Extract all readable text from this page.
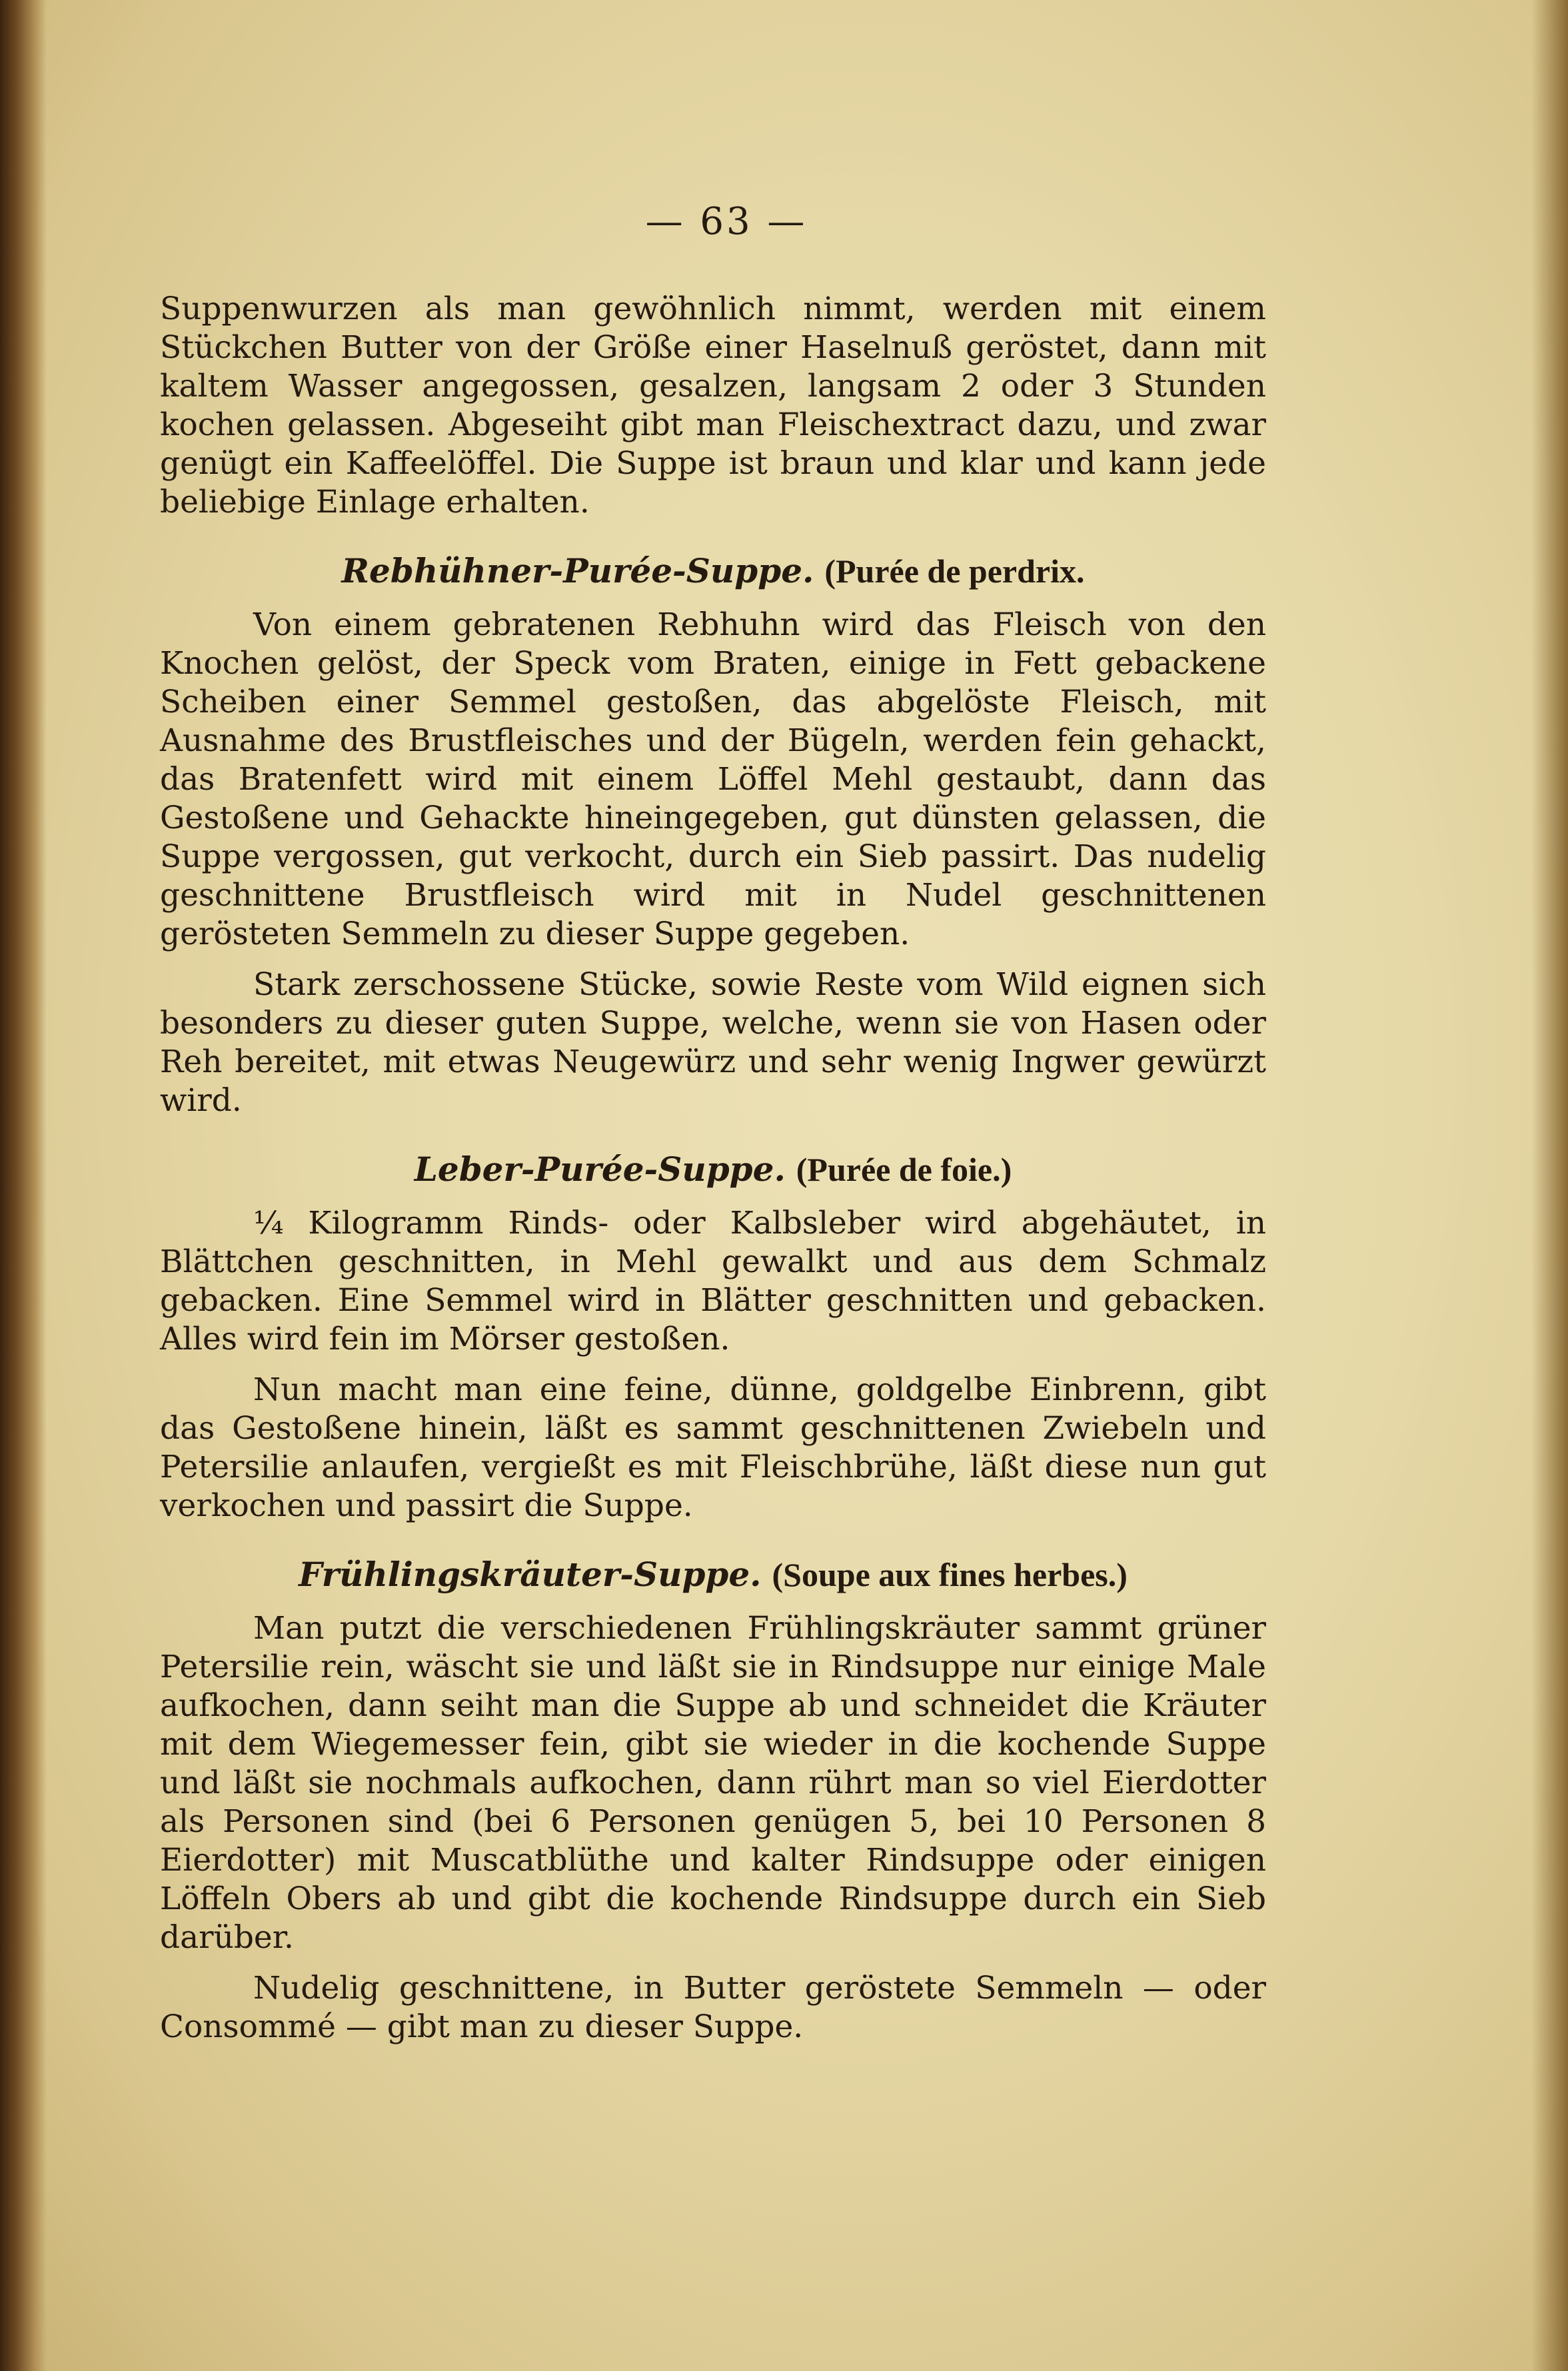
— 63 —

Suppenwurzen als man gewöhnlich nimmt, werden mit einem Stückchen Butter von der Größe einer Haselnuß geröstet, dann mit kaltem Wasser angegossen, gesalzen, langsam 2 oder 3 Stunden kochen gelassen. Abgeseiht gibt man Fleischextract dazu, und zwar genügt ein Kaffeelöffel. Die Suppe ist braun und klar und kann jede beliebige Einlage erhalten.

Rebhühner-Purée-Suppe. (Purée de perdrix.

Von einem gebratenen Rebhuhn wird das Fleisch von den Knochen gelöst, der Speck vom Braten, einige in Fett gebackene Scheiben einer Semmel gestoßen, das abgelöste Fleisch, mit Ausnahme des Brustfleisches und der Bügeln, werden fein gehackt, das Bratenfett wird mit einem Löffel Mehl gestaubt, dann das Gestoßene und Gehackte hineingegeben, gut dünsten gelassen, die Suppe vergossen, gut verkocht, durch ein Sieb passirt. Das nudelig geschnittene Brustfleisch wird mit in Nudel geschnittenen gerösteten Semmeln zu dieser Suppe gegeben.

Stark zerschossene Stücke, sowie Reste vom Wild eignen sich besonders zu dieser guten Suppe, welche, wenn sie von Hasen oder Reh bereitet, mit etwas Neugewürz und sehr wenig Ingwer gewürzt wird.

Leber-Purée-Suppe. (Purée de foie.)

¼ Kilogramm Rinds- oder Kalbsleber wird abgehäutet, in Blättchen geschnitten, in Mehl gewalkt und aus dem Schmalz gebacken. Eine Semmel wird in Blätter geschnitten und gebacken. Alles wird fein im Mörser gestoßen.

Nun macht man eine feine, dünne, goldgelbe Einbrenn, gibt das Gestoßene hinein, läßt es sammt geschnittenen Zwiebeln und Petersilie anlaufen, vergießt es mit Fleischbrühe, läßt diese nun gut verkochen und passirt die Suppe.

Frühlingskräuter-Suppe. (Soupe aux fines herbes.)

Man putzt die verschiedenen Frühlingskräuter sammt grüner Petersilie rein, wäscht sie und läßt sie in Rindsuppe nur einige Male aufkochen, dann seiht man die Suppe ab und schneidet die Kräuter mit dem Wiegemesser fein, gibt sie wieder in die kochende Suppe und läßt sie nochmals aufkochen, dann rührt man so viel Eierdotter als Personen sind (bei 6 Personen genügen 5, bei 10 Personen 8 Eierdotter) mit Muscatblüthe und kalter Rindsuppe oder einigen Löffeln Obers ab und gibt die kochende Rindsuppe durch ein Sieb darüber.

Nudelig geschnittene, in Butter geröstete Semmeln — oder Consommé — gibt man zu dieser Suppe.
